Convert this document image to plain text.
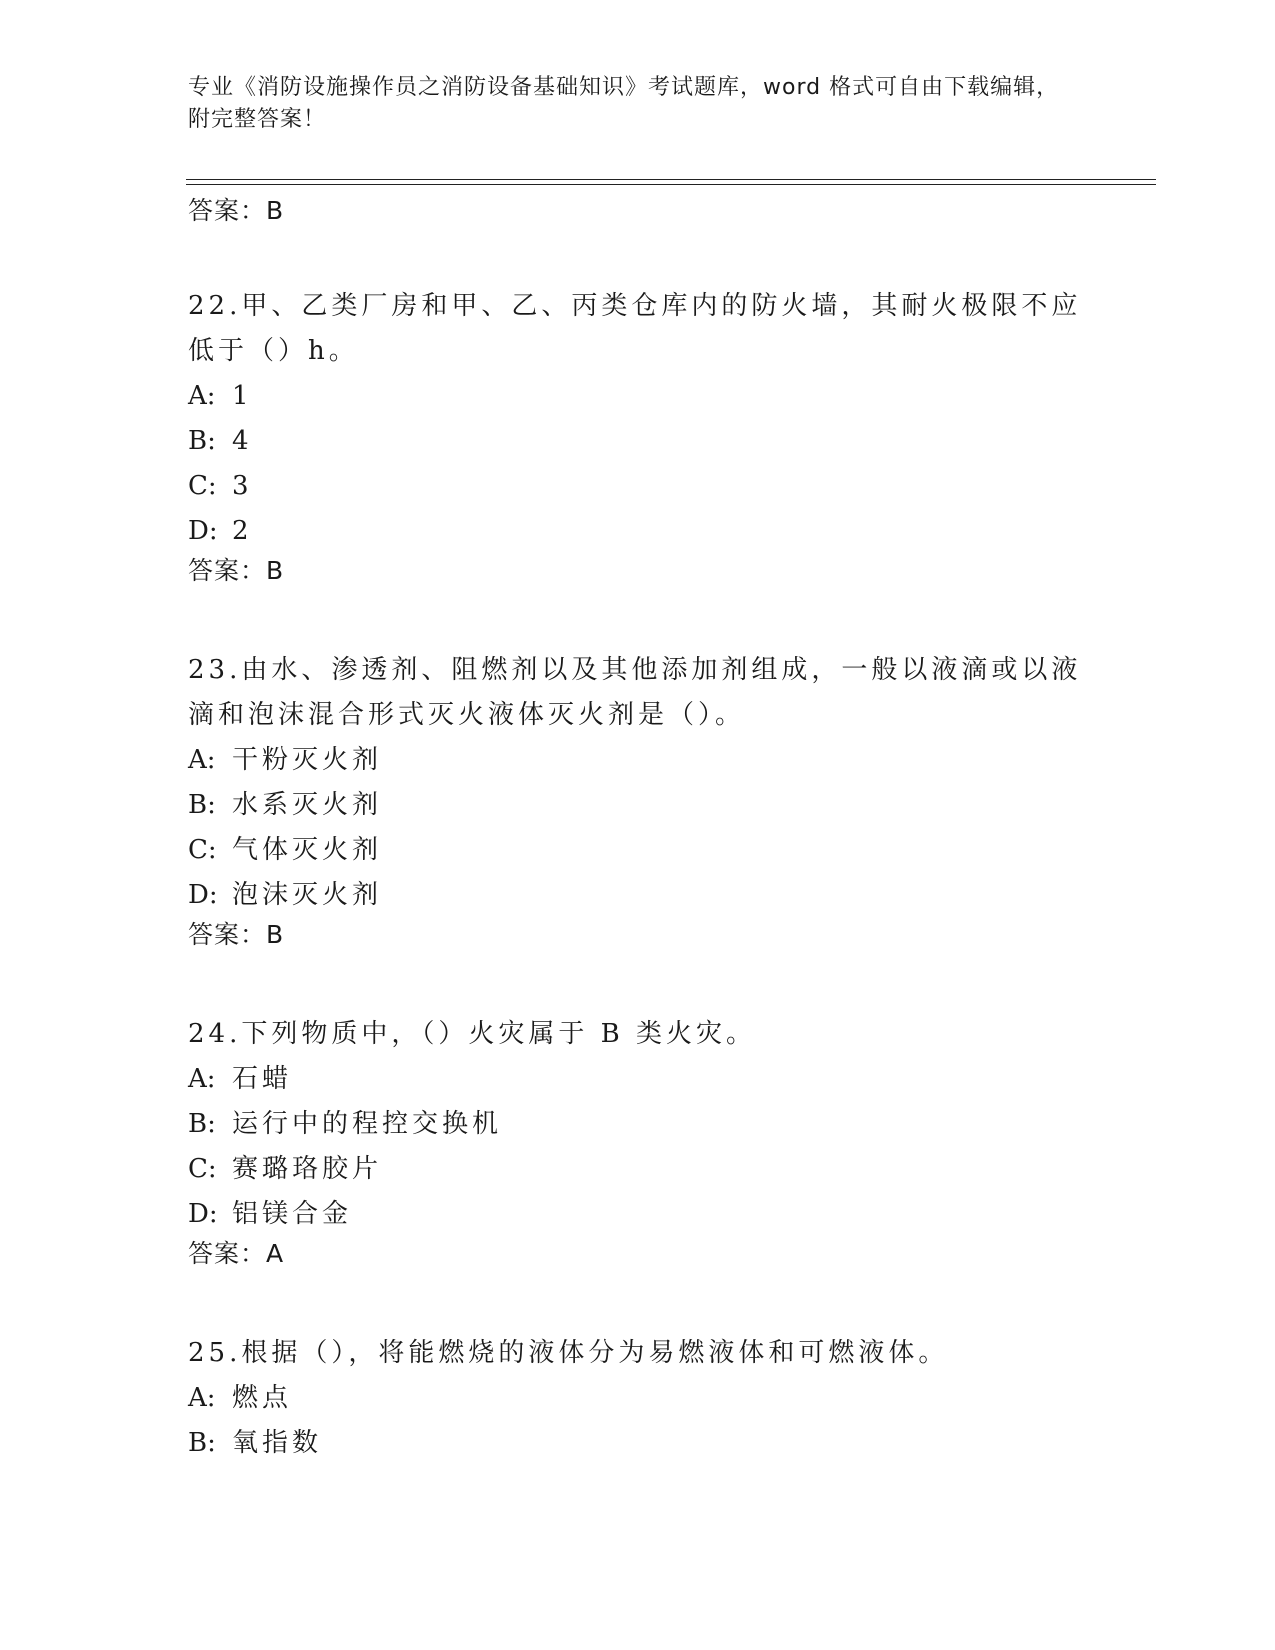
专业《消防设施操作员之消防设备基础知识》考试题库，word 格式可自由下载编辑，附完整答案！
答案：B

22.甲、乙类厂房和甲、乙、丙类仓库内的防火墙，其耐火极限不应低于（）h。

A: 1
B: 4
C: 3
D: 2
答案：B

23.由水、渗透剂、阻燃剂以及其他添加剂组成，一般以液滴或以液滴和泡沫混合形式灭火液体灭火剂是（）。

A: 干粉灭火剂
B: 水系灭火剂
C: 气体灭火剂
D: 泡沫灭火剂
答案：B

24.下列物质中，（）火灾属于 B 类火灾。

A: 石蜡
B: 运行中的程控交换机
C: 赛璐珞胶片
D: 铝镁合金
答案：A

25.根据（），将能燃烧的液体分为易燃液体和可燃液体。

A: 燃点
B: 氧指数
